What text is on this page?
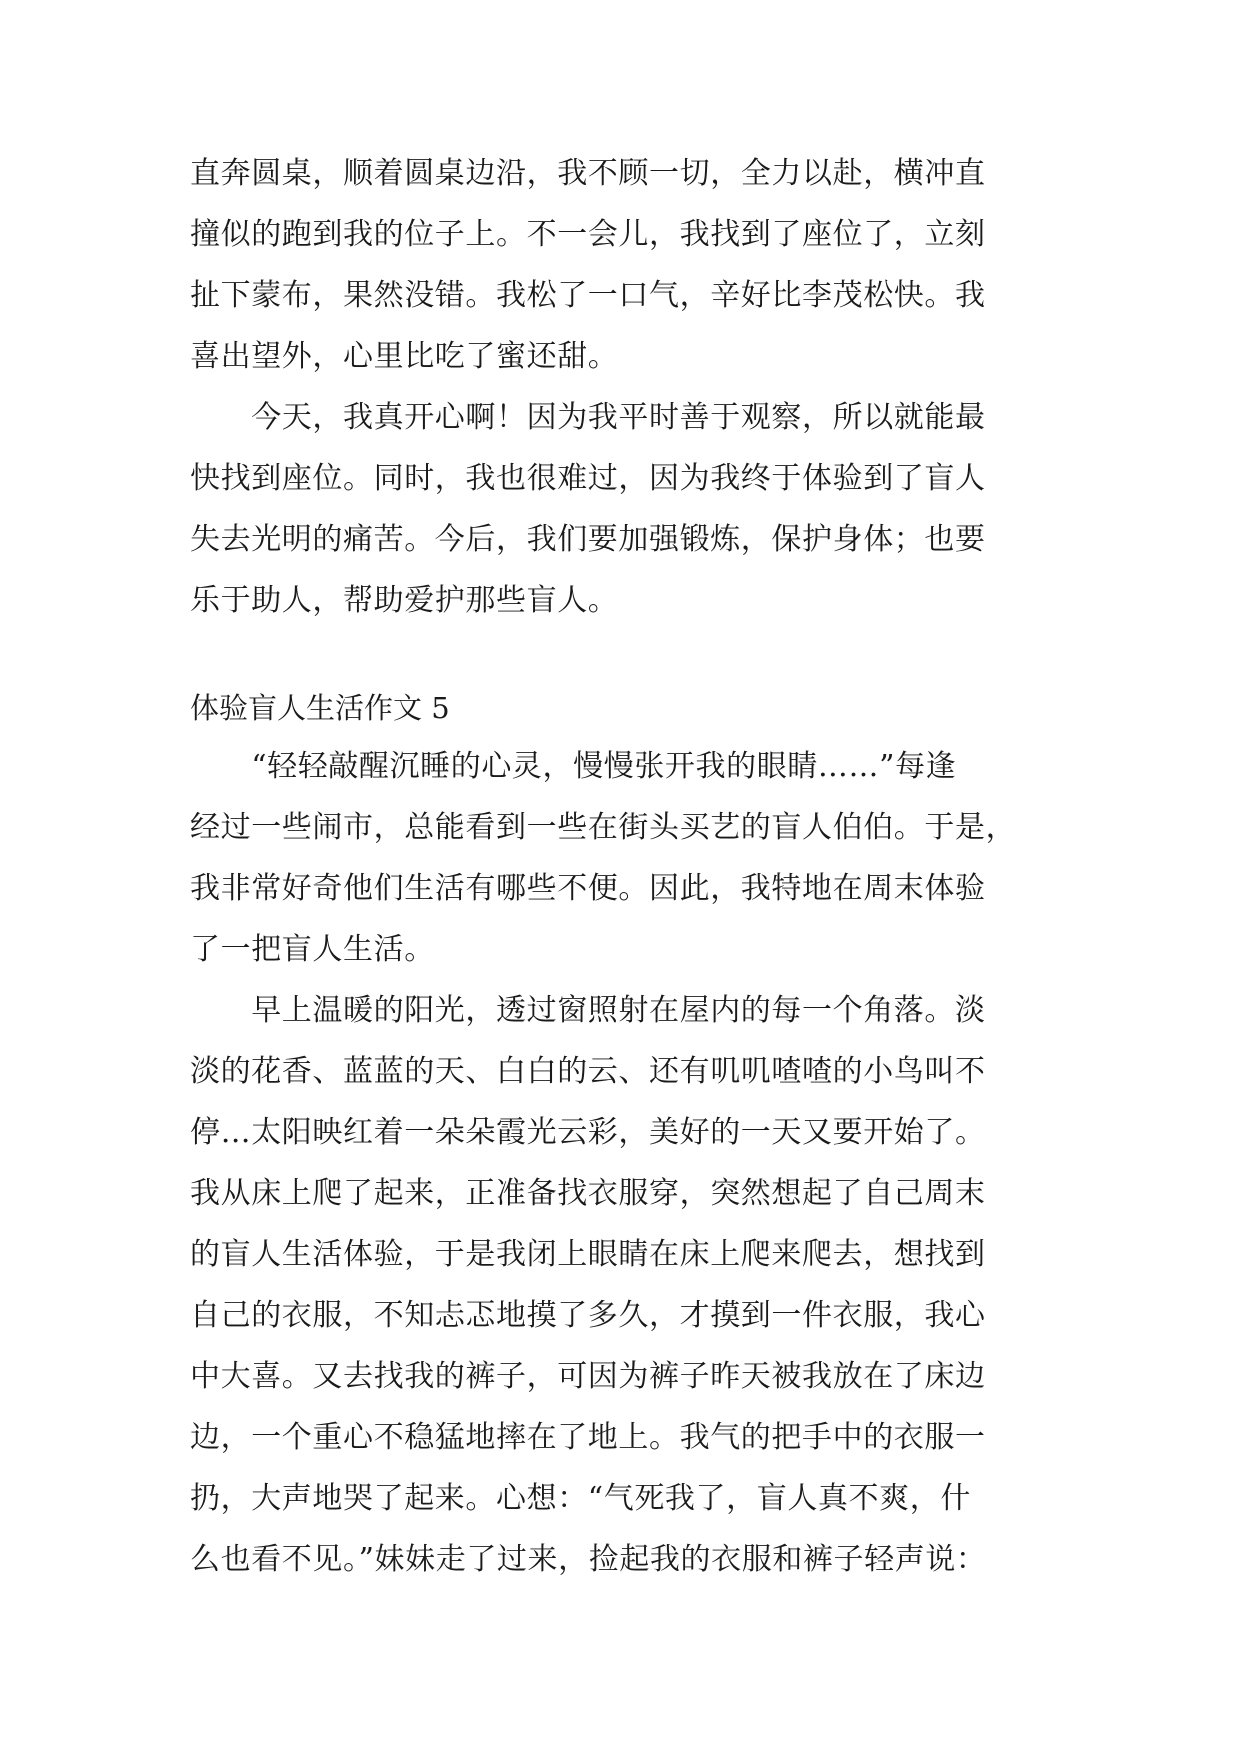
直奔圆桌，顺着圆桌边沿，我不顾一切，全力以赴，横冲直
撞似的跑到我的位子上。不一会儿，我找到了座位了，立刻
扯下蒙布，果然没错。我松了一口气，辛好比李茂松快。我
喜出望外，心里比吃了蜜还甜。
　　今天，我真开心啊！因为我平时善于观察，所以就能最
快找到座位。同时，我也很难过，因为我终于体验到了盲人
失去光明的痛苦。今后，我们要加强锻炼，保护身体；也要
乐于助人，帮助爱护那些盲人。
体验盲人生活作文 5
　　“轻轻敲醒沉睡的心灵，慢慢张开我的眼睛……”每逢
经过一些闹市，总能看到一些在街头买艺的盲人伯伯。于是，
我非常好奇他们生活有哪些不便。因此，我特地在周末体验
了一把盲人生活。
　　早上温暖的阳光，透过窗照射在屋内的每一个角落。淡
淡的花香、蓝蓝的天、白白的云、还有叽叽喳喳的小鸟叫不
停…太阳映红着一朵朵霞光云彩，美好的一天又要开始了。
我从床上爬了起来，正准备找衣服穿，突然想起了自己周末
的盲人生活体验，于是我闭上眼睛在床上爬来爬去，想找到
自己的衣服，不知忐忑地摸了多久，才摸到一件衣服，我心
中大喜。又去找我的裤子，可因为裤子昨天被我放在了床边
边，一个重心不稳猛地摔在了地上。我气的把手中的衣服一
扔，大声地哭了起来。心想：“气死我了，盲人真不爽，什
么也看不见。”妹妹走了过来，捡起我的衣服和裤子轻声说：
